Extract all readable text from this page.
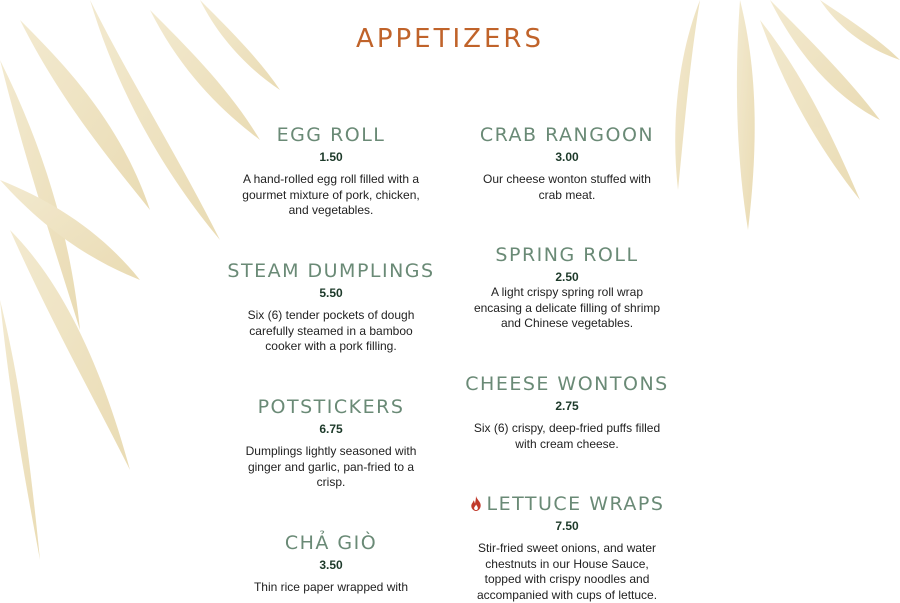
APPETIZERS
EGG ROLL
1.50
A hand-rolled egg roll filled with a gourmet mixture of pork, chicken, and vegetables.
STEAM DUMPLINGS
5.50
Six (6) tender pockets of dough carefully steamed in a bamboo cooker with a pork filling.
POTSTICKERS
6.75
Dumplings lightly seasoned with ginger and garlic, pan-fried to a crisp.
CHẢ GIÒ
3.50
Thin rice paper wrapped with
CRAB RANGOON
3.00
Our cheese wonton stuffed with crab meat.
SPRING ROLL
2.50
A light crispy spring roll wrap encasing a delicate filling of shrimp and Chinese vegetables.
CHEESE WONTONS
2.75
Six (6) crispy, deep-fried puffs filled with cream cheese.
LETTUCE WRAPS
7.50
Stir-fried sweet onions, and water chestnuts in our House Sauce, topped with crispy noodles and accompanied with cups of lettuce.
